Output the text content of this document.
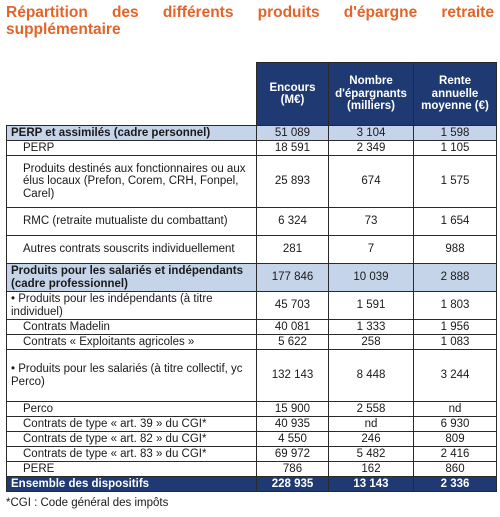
Répartition des différents produits d'épargne retraite
supplémentaire
	Encours (M€)	Nombre d'épargnants (milliers)	Rente annuelle moyenne (€)
PERP et assimilés (cadre personnel)	51 089	3 104	1 598
PERP	18 591	2 349	1 105
Produits destinés aux fonctionnaires ou aux élus locaux (Prefon, Corem, CRH, Fonpel, Carel)	25 893	674	1 575
RMC (retraite mutualiste du combattant)	6 324	73	1 654
Autres contrats souscrits individuellement	281	7	988
Produits pour les salariés et indépendants (cadre professionnel)	177 846	10 039	2 888
• Produits pour les indépendants (à titre individuel)	45 703	1 591	1 803
Contrats Madelin	40 081	1 333	1 956
Contrats « Exploitants agricoles »	5 622	258	1 083
• Produits pour les salariés (à titre collectif, yc Perco)	132 143	8 448	3 244
Perco	15 900	2 558	nd
Contrats de type « art. 39 » du CGI*	40 935	nd	6 930
Contrats de type « art. 82 » du CGI*	4 550	246	809
Contrats de type « art. 83 » du CGI*	69 972	5 482	2 416
PERE	786	162	860
Ensemble des dispositifs	228 935	13 143	2 336
*CGI : Code général des impôts
